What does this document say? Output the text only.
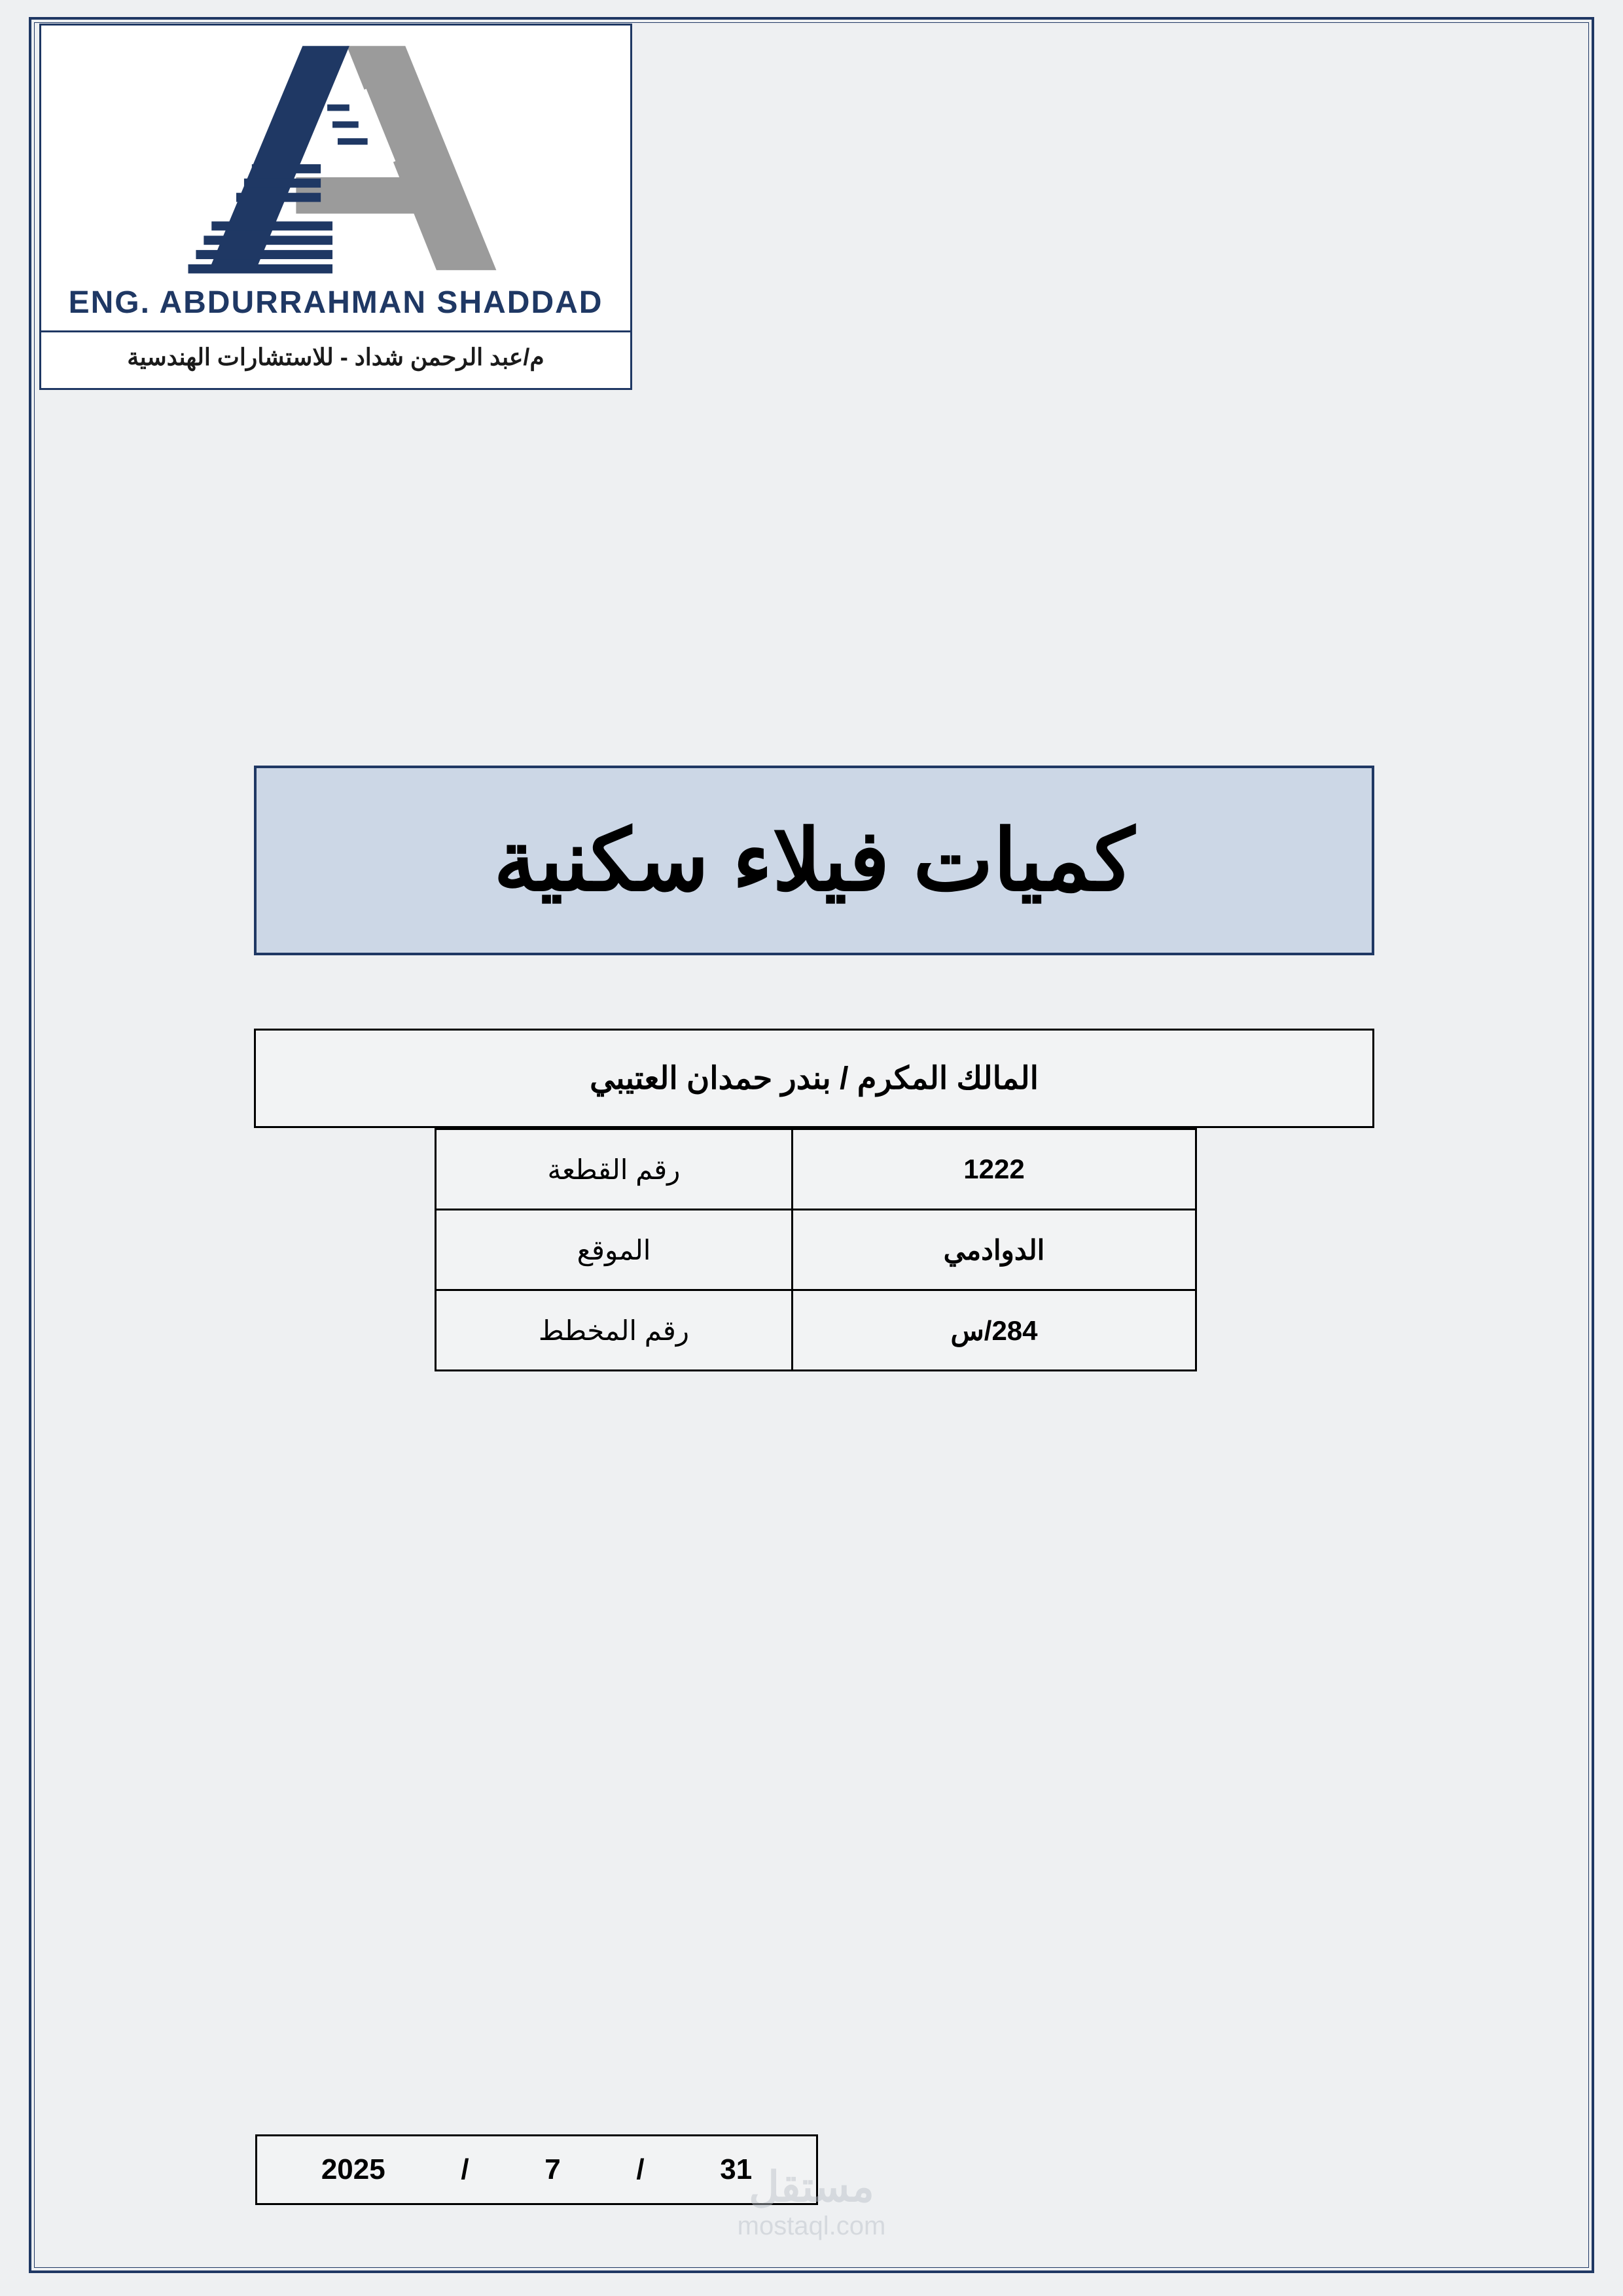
ENG. ABDURRAHMAN SHADDAD
م/عبد الرحمن شداد - للاستشارات الهندسية
كميات فيلاء سكنية
المالك المكرم / بندر حمدان العتيبي
1222	رقم القطعة
الدوادمي	الموقع
284/س	رقم المخطط
2025	/	7	/	31
مستقل
mostaql.com
